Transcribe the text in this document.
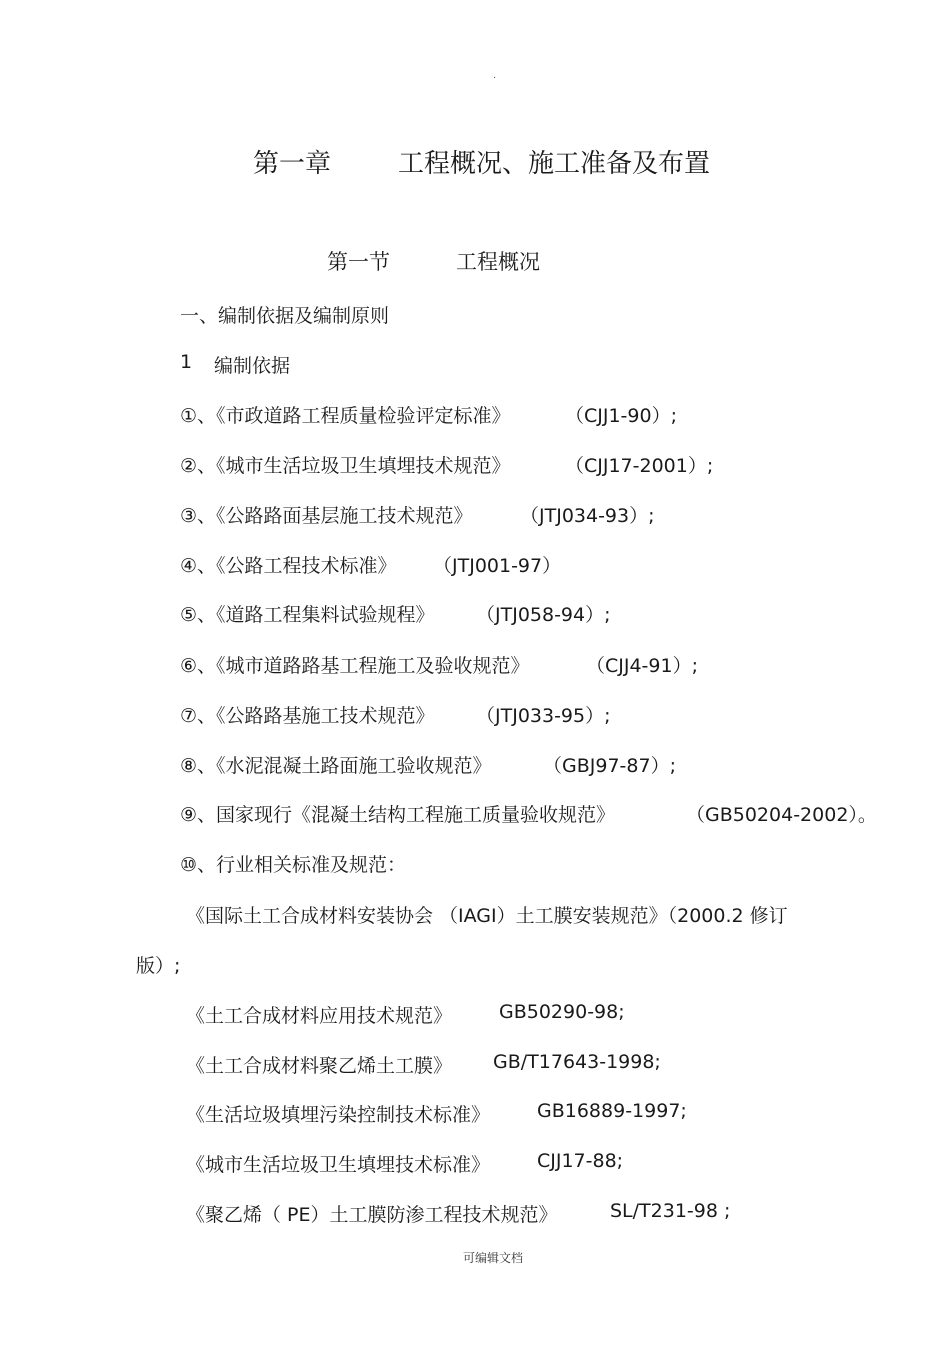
.
第一章	工程概况、施工准备及布置
第一节	工程概况
一、编制依据及编制原则
1 编制依据
①、《市政道路工程质量检验评定标准》	（CJJ1-90）;
②、《城市生活垃圾卫生填埋技术规范》	（CJJ17-2001）;
③、《公路路面基层施工技术规范》 （JTJ034-93）;
④、《公路工程技术标准》 （JTJ001-97）
⑤、《道路工程集料试验规程》 （JTJ058-94）;
⑥、《城市道路路基工程施工及验收规范》	（CJJ4-91）;
⑦、《公路路基施工技术规范》 （JTJ033-95）;
⑧、《水泥混凝土路面施工验收规范》	（GBJ97-87）;
⑨、国家现行《混凝土结构工程施工质量验收规范》	（GB50204-2002）。
⑩、行业相关标准及规范：
《国际土工合成材料安装协会 （IAGI）土工膜安装规范》（2000.2 修订
版）;
《土工合成材料应用技术规范》 GB50290-98;
《土工合成材料聚乙烯土工膜》 GB/T17643-1998;
《生活垃圾填埋污染控制技术标准》 GB16889-1997;
《城市生活垃圾卫生填埋技术标准》 CJJ17-88;
《聚乙烯（ PE）土工膜防渗工程技术规范》	SL/T231-98 ;
可编辑文档
